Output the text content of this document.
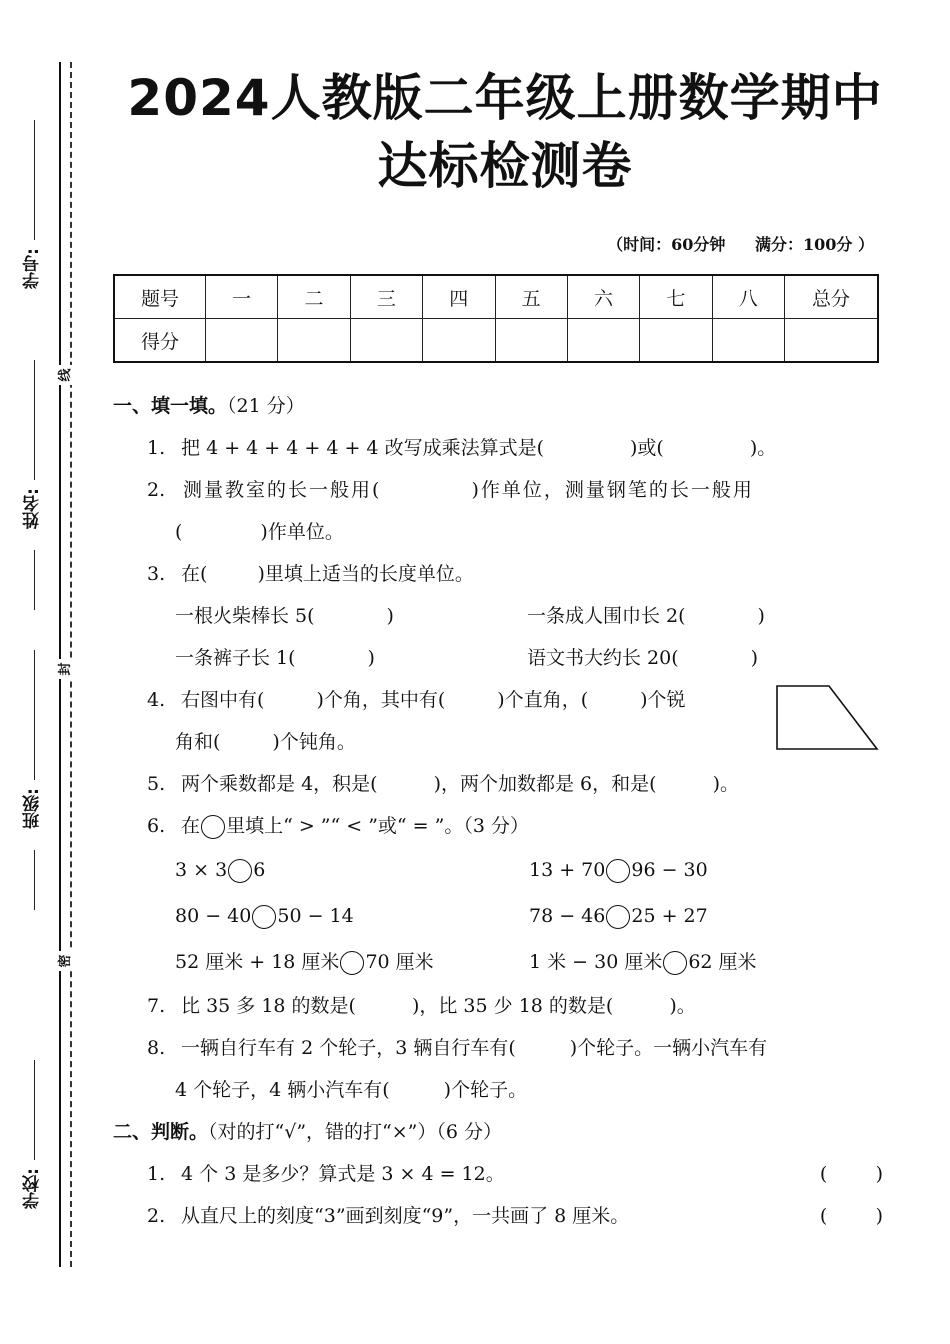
学号:
姓名:
班级:
学校:
线
封
密
2024人教版二年级上册数学期中
达标检测卷
（时间：60分钟 满分：100分 ）
题号	一	二	三	四	五	六	七	八	总分
得分									
一、填一填。（21 分）
1. 把 4 + 4 + 4 + 4 + 4 改写成乘法算式是(	)或(	)。
2. 测量教室的长一般用(	)作单位，测量钢笔的长一般用
(	)作单位。
3. 在(	)里填上适当的长度单位。
一根火柴棒长 5(	)	一条成人围巾长 2(	)
一条裤子长 1(	)	语文书大约长 20(	)
4. 右图中有(	)个角，其中有(	)个直角，(	)个锐
角和(	)个钝角。
5. 两个乘数都是 4，积是(	)，两个加数都是 6，和是(	)。
6. 在 里填上“ > ”“ < ”或“ = ”。（3 分）
3 × 3 6	13 + 70 96 − 30
80 − 40 50 − 14	78 − 46 25 + 27
52 厘米 + 18 厘米 70 厘米	1 米 − 30 厘米 62 厘米
7. 比 35 多 18 的数是(	)，比 35 少 18 的数是(	)。
8. 一辆自行车有 2 个轮子，3 辆自行车有(	)个轮子。一辆小汽车有
4 个轮子，4 辆小汽车有(	)个轮子。
二、判断。（对的打“√”，错的打“×”）（6 分）
1. 4 个 3 是多少？算式是 3 × 4 = 12。	(        )
2. 从直尺上的刻度“3”画到刻度“9”，一共画了 8 厘米。	(        )
